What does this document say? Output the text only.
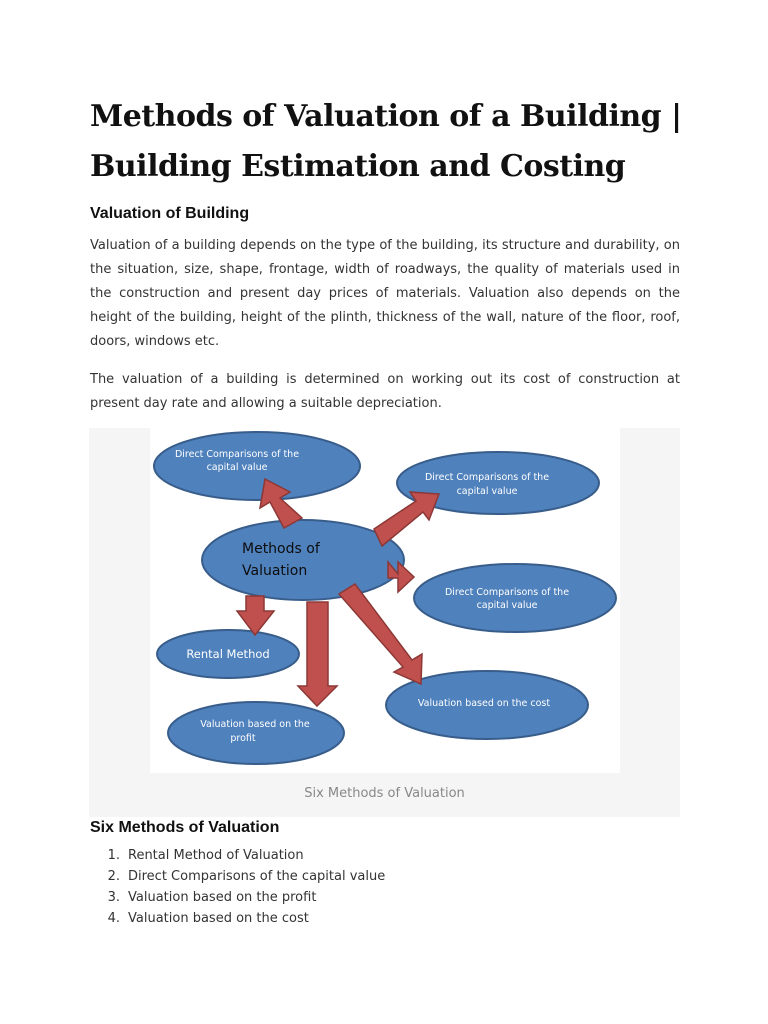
Methods of Valuation of a Building |
Building Estimation and Costing
Valuation of Building

Valuation of a building depends on the type of the building, its structure and durability, on the situation, size, shape, frontage, width of roadways, the quality of materials used in the construction and present day prices of materials. Valuation also depends on the height of the building, height of the plinth, thickness of the wall, nature of the floor, roof, doors, windows etc.

The valuation of a building is determined on working out its cost of construction at present day rate and allowing a suitable depreciation.

Direct Comparisons of the
capital value
Direct Comparisons of the
capital value
Methods of
Valuation
Direct Comparisons of the
capital value
Rental Method
Valuation based on the cost
Valuation based on the
profit
Six Methods of Valuation
Six Methods of Valuation
1 . Rental Method of Valuation
2 . Direct Comparisons of the capital value
3 . Valuation based on the profit
4 . Valuation based on the cost
